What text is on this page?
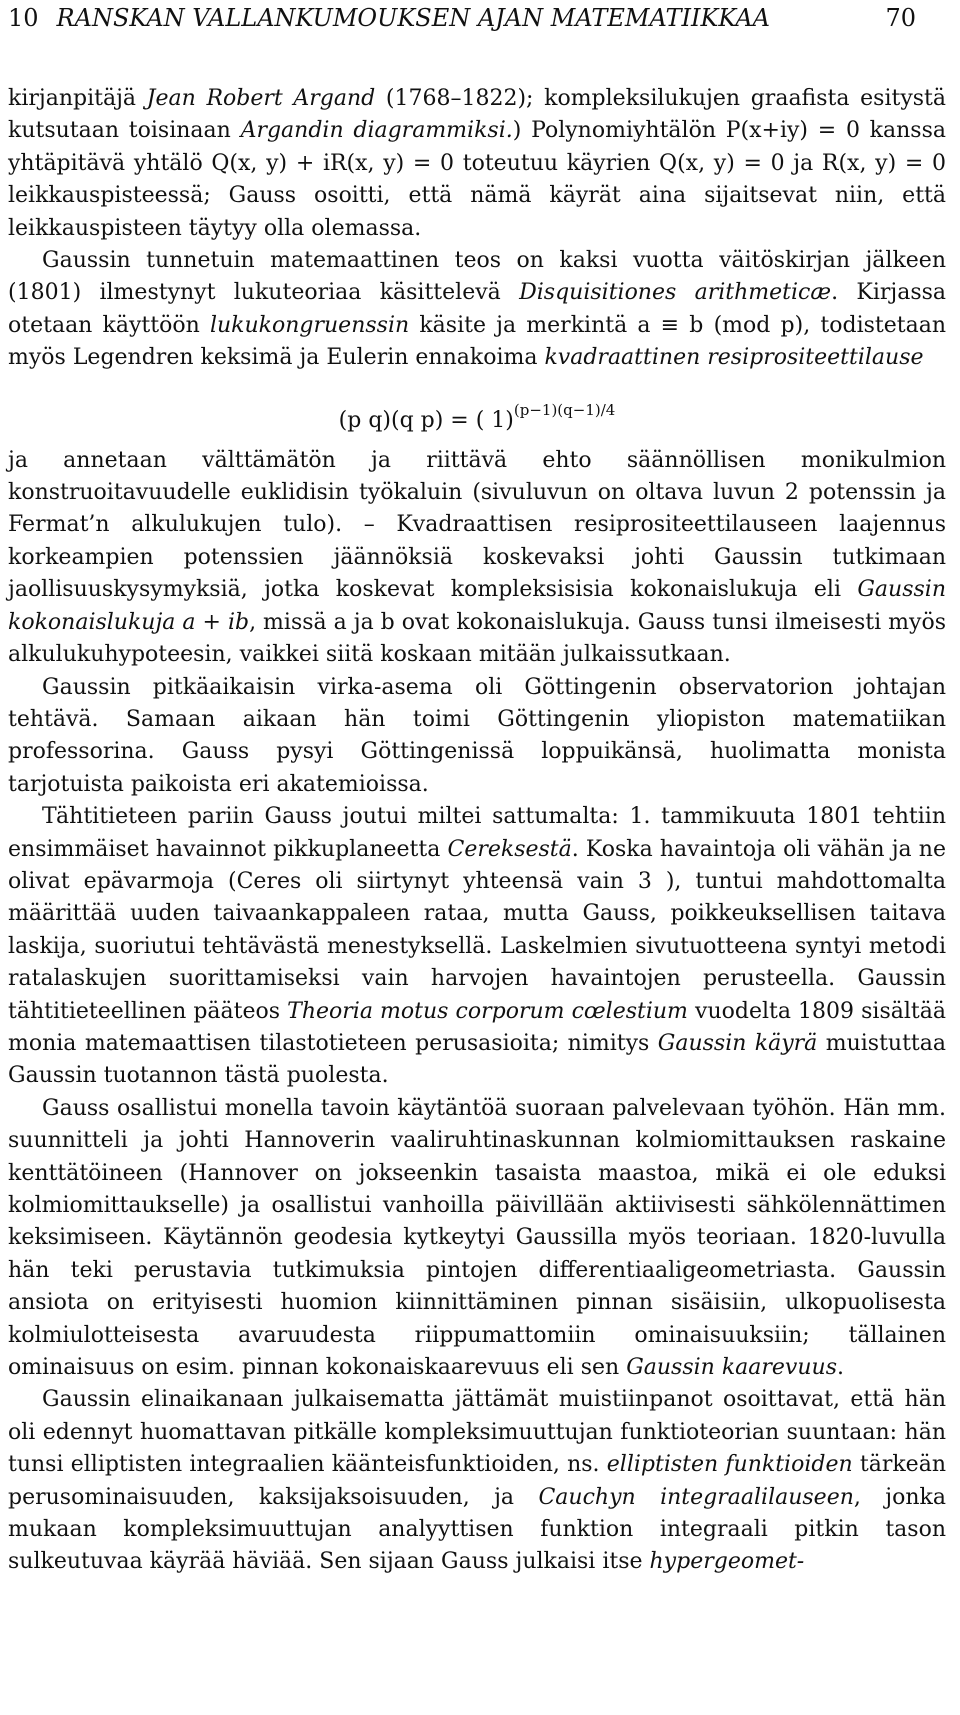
10 RANSKAN VALLANKUMOUKSEN AJAN MATEMATIIKKAA	70

kirjanpitäjä Jean Robert Argand (1768–1822); kompleksilukujen graafista esitystä kutsutaan toisinaan Argandin diagrammiksi.) Polynomiyhtälön P(x+iy) = 0 kanssa yhtäpitävä yhtälö Q(x, y) + iR(x, y) = 0 toteutuu käyrien Q(x, y) = 0 ja R(x, y) = 0 leikkauspisteessä; Gauss osoitti, että nämä käyrät aina sijaitsevat niin, että leikkauspisteen täytyy olla olemassa.

Gaussin tunnetuin matemaattinen teos on kaksi vuotta väitöskirjan jälkeen (1801) ilmestynyt lukuteoriaa käsittelevä Disquisitiones arithmeticæ. Kirjassa otetaan käyttöön lukukongruenssin käsite ja merkintä a ≡ b (mod p), todistetaan myös Legendren keksimä ja Eulerin ennakoima kvadraattinen resiprositeettilause

(p q)(q p) = ( 1)$^{(p-1)(q-1)/4}$

ja annetaan välttämätön ja riittävä ehto säännöllisen monikulmion konstruoitavuudelle euklidisin työkaluin (sivuluvun on oltava luvun 2 potenssin ja Fermat’n alkulukujen tulo). – Kvadraattisen resiprositeettilauseen laajennus korkeampien potenssien jäännöksiä koskevaksi johti Gaussin tutkimaan jaollisuuskysymyksiä, jotka koskevat kompleksisisia kokonaislukuja eli Gaussin kokonaislukuja a + ib, missä a ja b ovat kokonaislukuja. Gauss tunsi ilmeisesti myös alkulukuhypoteesin, vaikkei siitä koskaan mitään julkaissutkaan.

Gaussin pitkäaikaisin virka-asema oli Göttingenin observatorion johtajan tehtävä. Samaan aikaan hän toimi Göttingenin yliopiston matematiikan professorina. Gauss pysyi Göttingenissä loppuikänsä, huolimatta monista tarjotuista paikoista eri akatemioissa.

Tähtitieteen pariin Gauss joutui miltei sattumalta: 1. tammikuuta 1801 tehtiin ensimmäiset havainnot pikkuplaneetta Cereksestä. Koska havaintoja oli vähän ja ne olivat epävarmoja (Ceres oli siirtynyt yhteensä vain 3 ), tuntui mahdottomalta määrittää uuden taivaankappaleen rataa, mutta Gauss, poikkeuksellisen taitava laskija, suoriutui tehtävästä menestyksellä. Laskelmien sivutuotteena syntyi metodi ratalaskujen suorittamiseksi vain harvojen havaintojen perusteella. Gaussin tähtitieteellinen pääteos Theoria motus corporum cœlestium vuodelta 1809 sisältää monia matemaattisen tilastotieteen perusasioita; nimitys Gaussin käyrä muistuttaa Gaussin tuotannon tästä puolesta.

Gauss osallistui monella tavoin käytäntöä suoraan palvelevaan työhön. Hän mm. suunnitteli ja johti Hannoverin vaaliruhtinaskunnan kolmiomittauksen raskaine kenttätöineen (Hannover on jokseenkin tasaista maastoa, mikä ei ole eduksi kolmiomittaukselle) ja osallistui vanhoilla päivillään aktiivisesti sähkölennättimen keksimiseen. Käytännön geodesia kytkeytyi Gaussilla myös teoriaan. 1820-luvulla hän teki perustavia tutkimuksia pintojen differentiaaligeometriasta. Gaussin ansiota on erityisesti huomion kiinnittäminen pinnan sisäisiin, ulkopuolisesta kolmiulotteisesta avaruudesta riippumattomiin ominaisuuksiin; tällainen ominaisuus on esim. pinnan kokonaiskaarevuus eli sen Gaussin kaarevuus.

Gaussin elinaikanaan julkaisematta jättämät muistiinpanot osoittavat, että hän oli edennyt huomattavan pitkälle kompleksimuuttujan funktioteorian suuntaan: hän tunsi elliptisten integraalien käänteisfunktioiden, ns. elliptisten funktioiden tärkeän perusominaisuuden, kaksijaksoisuuden, ja Cauchyn integraalilauseen, jonka mukaan kompleksimuuttujan analyyttisen funktion integraali pitkin tason sulkeutuvaa käyrää häviää. Sen sijaan Gauss julkaisi itse hypergeomet-
